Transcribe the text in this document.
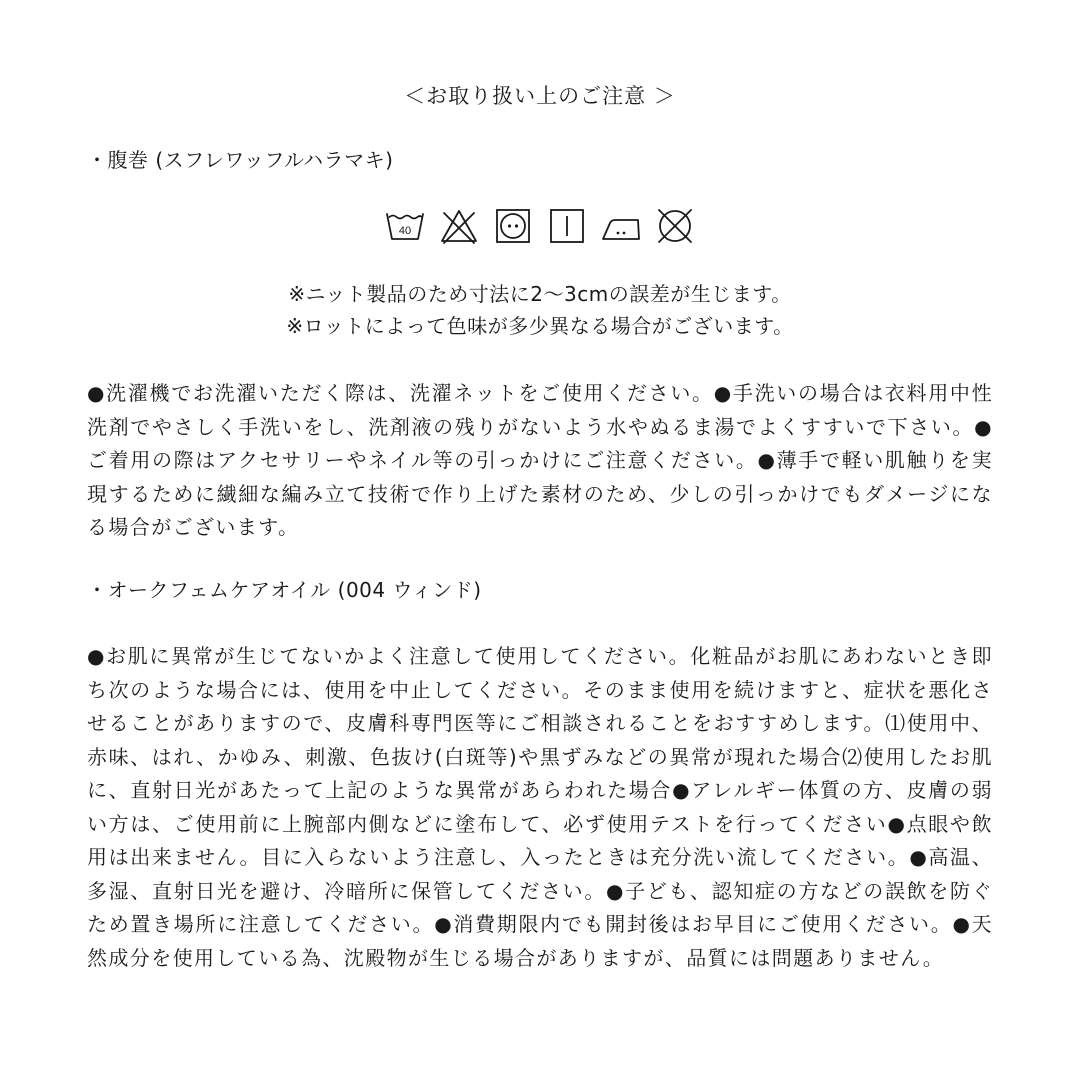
＜お取り扱い上のご注意 ＞
・腹巻 (スフレワッフルハラマキ)
40
※ニット製品のため寸法に2〜3cmの誤差が生じます。
※ロットによって色味が多少異なる場合がございます。
●洗濯機でお洗濯いただく際は、洗濯ネットをご使用ください。●手洗いの場合は衣料用中性洗剤でやさしく手洗いをし、洗剤液の残りがないよう水やぬるま湯でよくすすいで下さい。●ご着用の際はアクセサリーやネイル等の引っかけにご注意ください。●薄手で軽い肌触りを実現するために繊細な編み立て技術で作り上げた素材のため、少しの引っかけでもダメージになる場合がございます。
・オークフェムケアオイル (004 ウィンド)
●お肌に異常が生じてないかよく注意して使用してください。化粧品がお肌にあわないとき即ち次のような場合には、使用を中止してください。そのまま使用を続けますと、症状を悪化させることがありますので、皮膚科専門医等にご相談されることをおすすめします。⑴使用中、赤味、はれ、かゆみ、刺激、色抜け(白斑等)や黒ずみなどの異常が現れた場合⑵使用したお肌に、直射日光があたって上記のような異常があらわれた場合●アレルギー体質の方、皮膚の弱い方は、ご使用前に上腕部内側などに塗布して、必ず使用テストを行ってください●点眼や飲用は出来ません。目に入らないよう注意し、入ったときは充分洗い流してください。●高温、多湿、直射日光を避け、冷暗所に保管してください。●子ども、認知症の方などの誤飲を防ぐため置き場所に注意してください。●消費期限内でも開封後はお早目にご使用ください。●天然成分を使用している為、沈殿物が生じる場合がありますが、品質には問題ありません。
